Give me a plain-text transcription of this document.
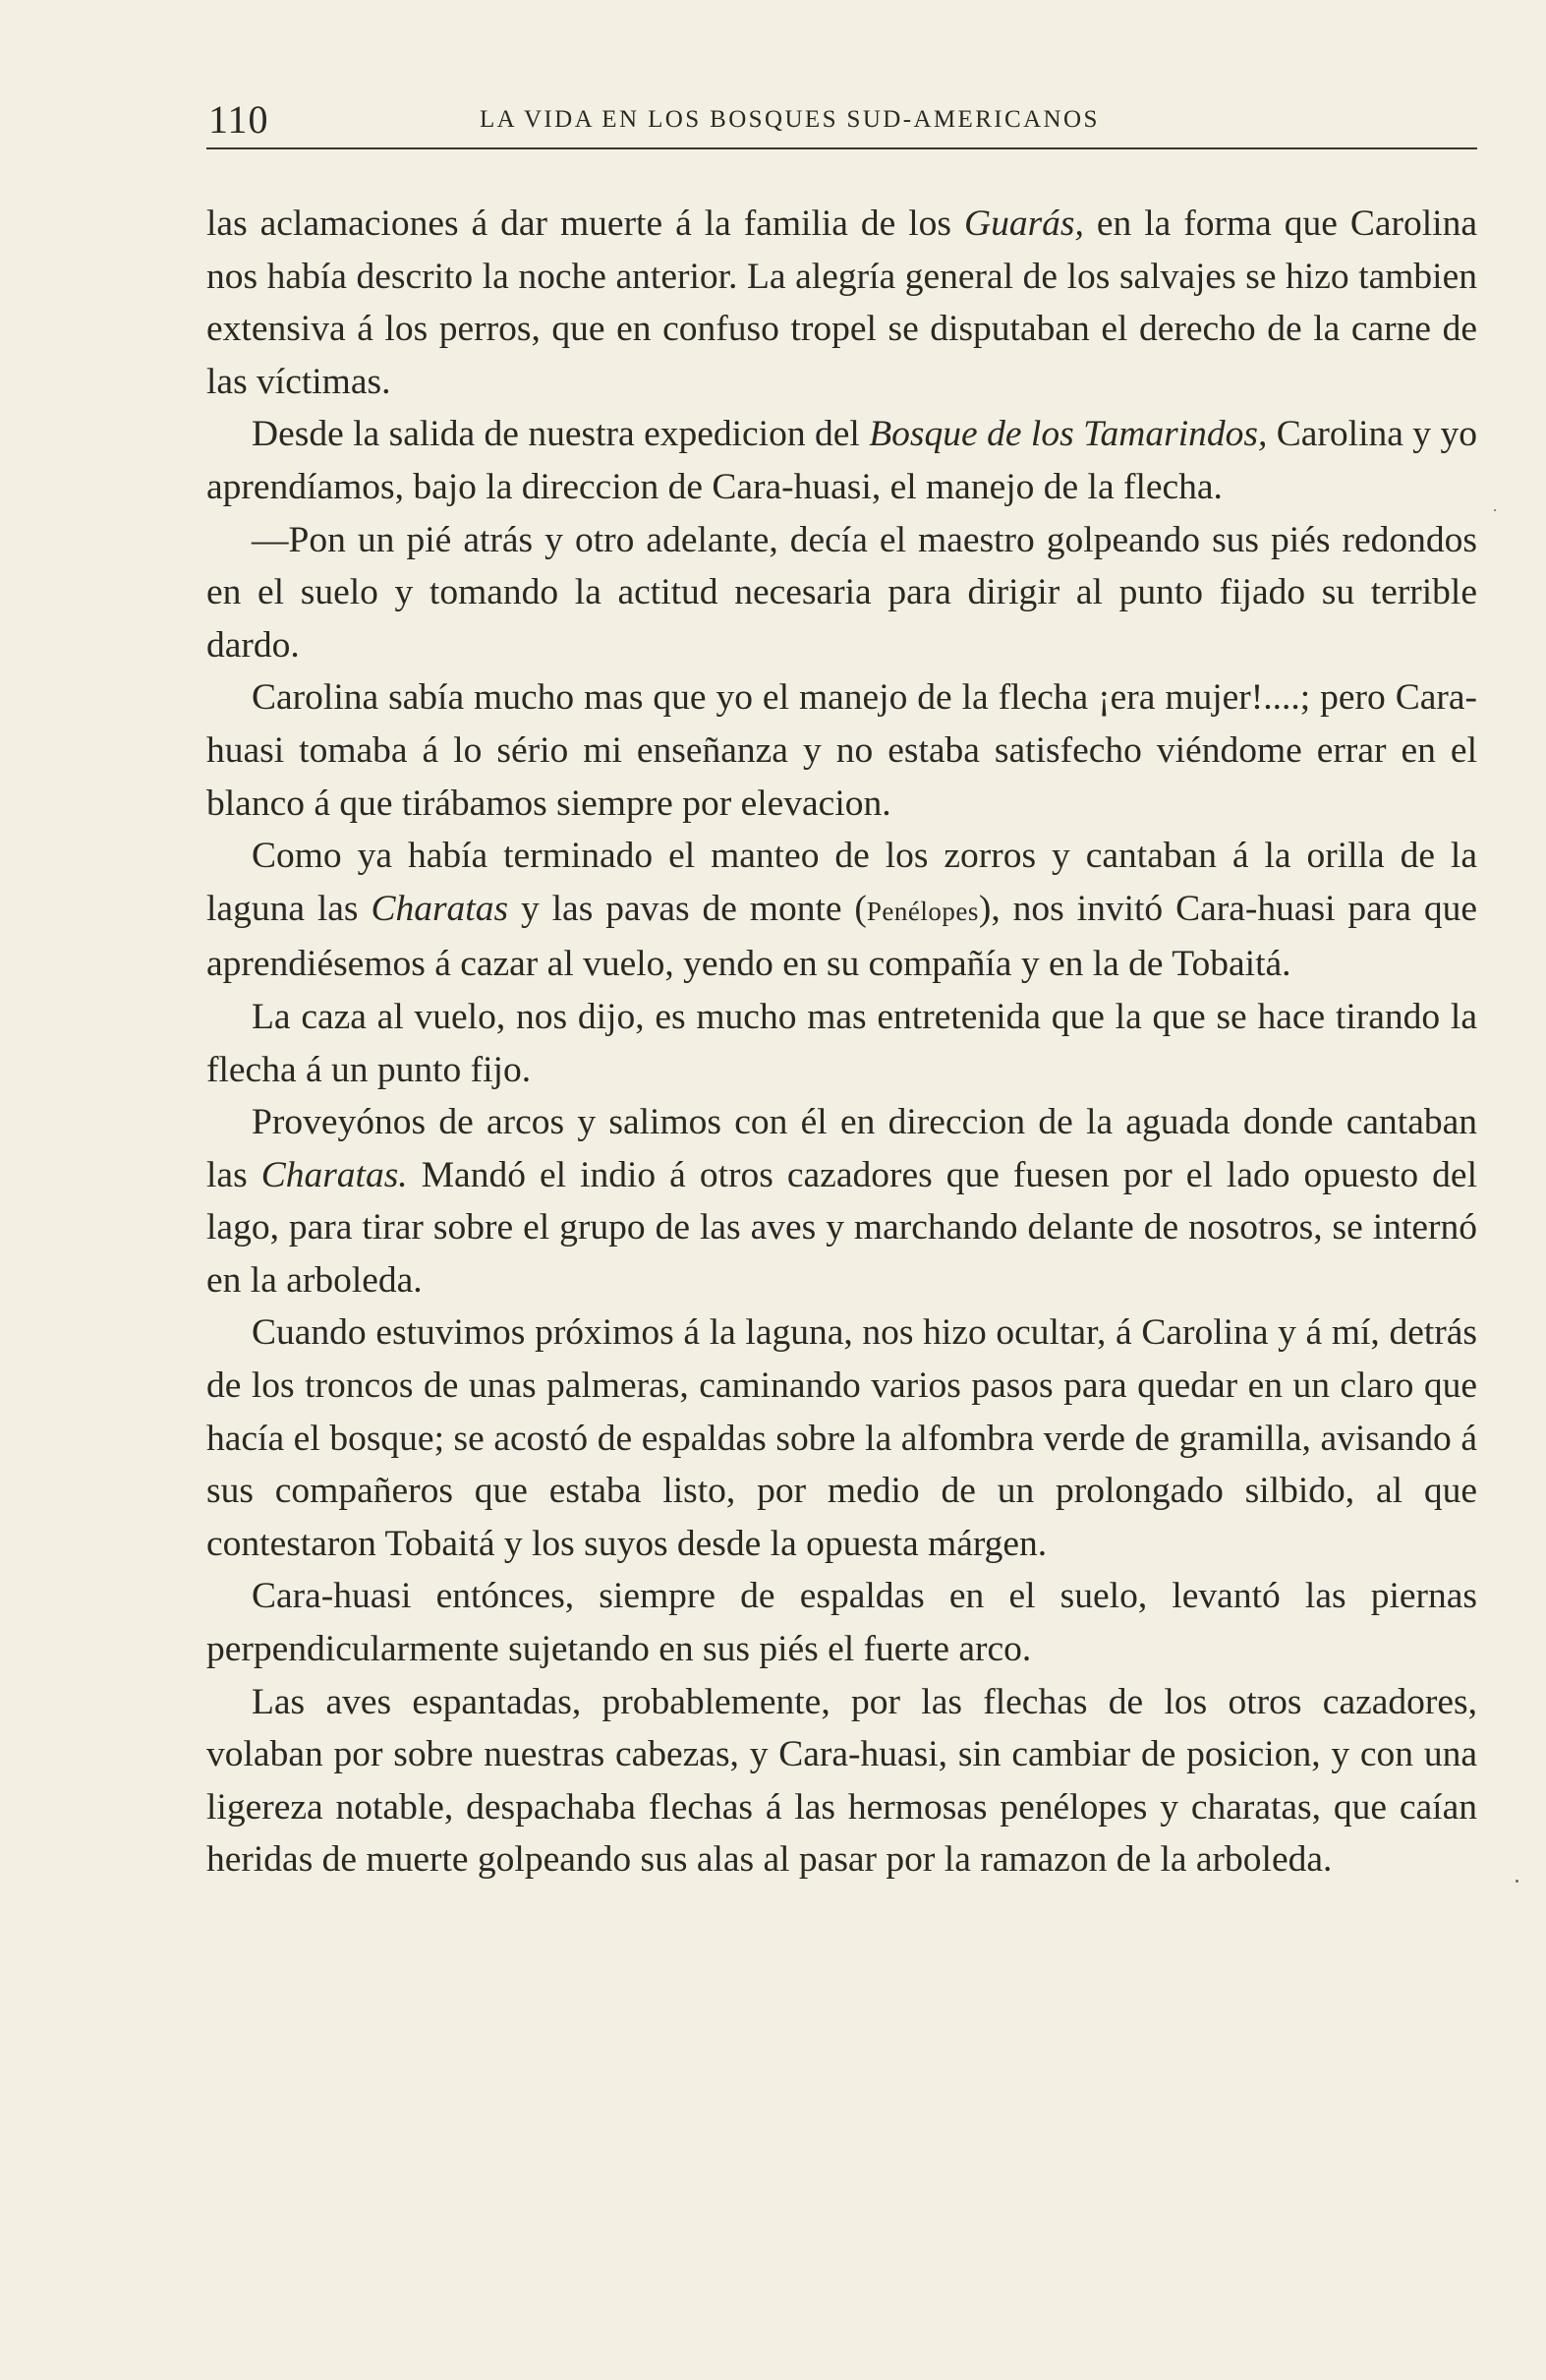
110	LA VIDA EN LOS BOSQUES SUD-AMERICANOS

las aclamaciones á dar muerte á la familia de los Guarás, en la forma que Carolina nos había descrito la noche anterior. La alegría general de los salvajes se hizo tambien extensiva á los perros, que en confuso tropel se disputaban el derecho de la carne de las víctimas.

Desde la salida de nuestra expedicion del Bosque de los Tamarindos, Carolina y yo aprendíamos, bajo la direccion de Cara-huasi, el manejo de la flecha.

—Pon un pié atrás y otro adelante, decía el maestro golpeando sus piés redondos en el suelo y tomando la actitud necesaria para dirigir al punto fijado su terrible dardo.

Carolina sabía mucho mas que yo el manejo de la flecha ¡era mujer!....; pero Cara-huasi tomaba á lo sério mi enseñanza y no estaba satisfecho viéndome errar en el blanco á que tirábamos siempre por elevacion.

Como ya había terminado el manteo de los zorros y cantaban á la orilla de la laguna las Charatas y las pavas de monte (Penélopes), nos invitó Cara-huasi para que aprendiésemos á cazar al vuelo, yendo en su compañía y en la de Tobaitá.

La caza al vuelo, nos dijo, es mucho mas entretenida que la que se hace tirando la flecha á un punto fijo.

Proveyónos de arcos y salimos con él en direccion de la aguada donde cantaban las Charatas. Mandó el indio á otros cazadores que fuesen por el lado opuesto del lago, para tirar sobre el grupo de las aves y marchando delante de nosotros, se internó en la arboleda.

Cuando estuvimos próximos á la laguna, nos hizo ocultar, á Carolina y á mí, detrás de los troncos de unas palmeras, caminando varios pasos para quedar en un claro que hacía el bosque; se acostó de espaldas sobre la alfombra verde de gramilla, avisando á sus compañeros que estaba listo, por medio de un prolongado silbido, al que contestaron Tobaitá y los suyos desde la opuesta márgen.

Cara-huasi entónces, siempre de espaldas en el suelo, levantó las piernas perpendicularmente sujetando en sus piés el fuerte arco.

Las aves espantadas, probablemente, por las flechas de los otros cazadores, volaban por sobre nuestras cabezas, y Cara-huasi, sin cambiar de posicion, y con una ligereza notable, despachaba flechas á las hermosas penélopes y charatas, que caían heridas de muerte golpeando sus alas al pasar por la ramazon de la arboleda.
